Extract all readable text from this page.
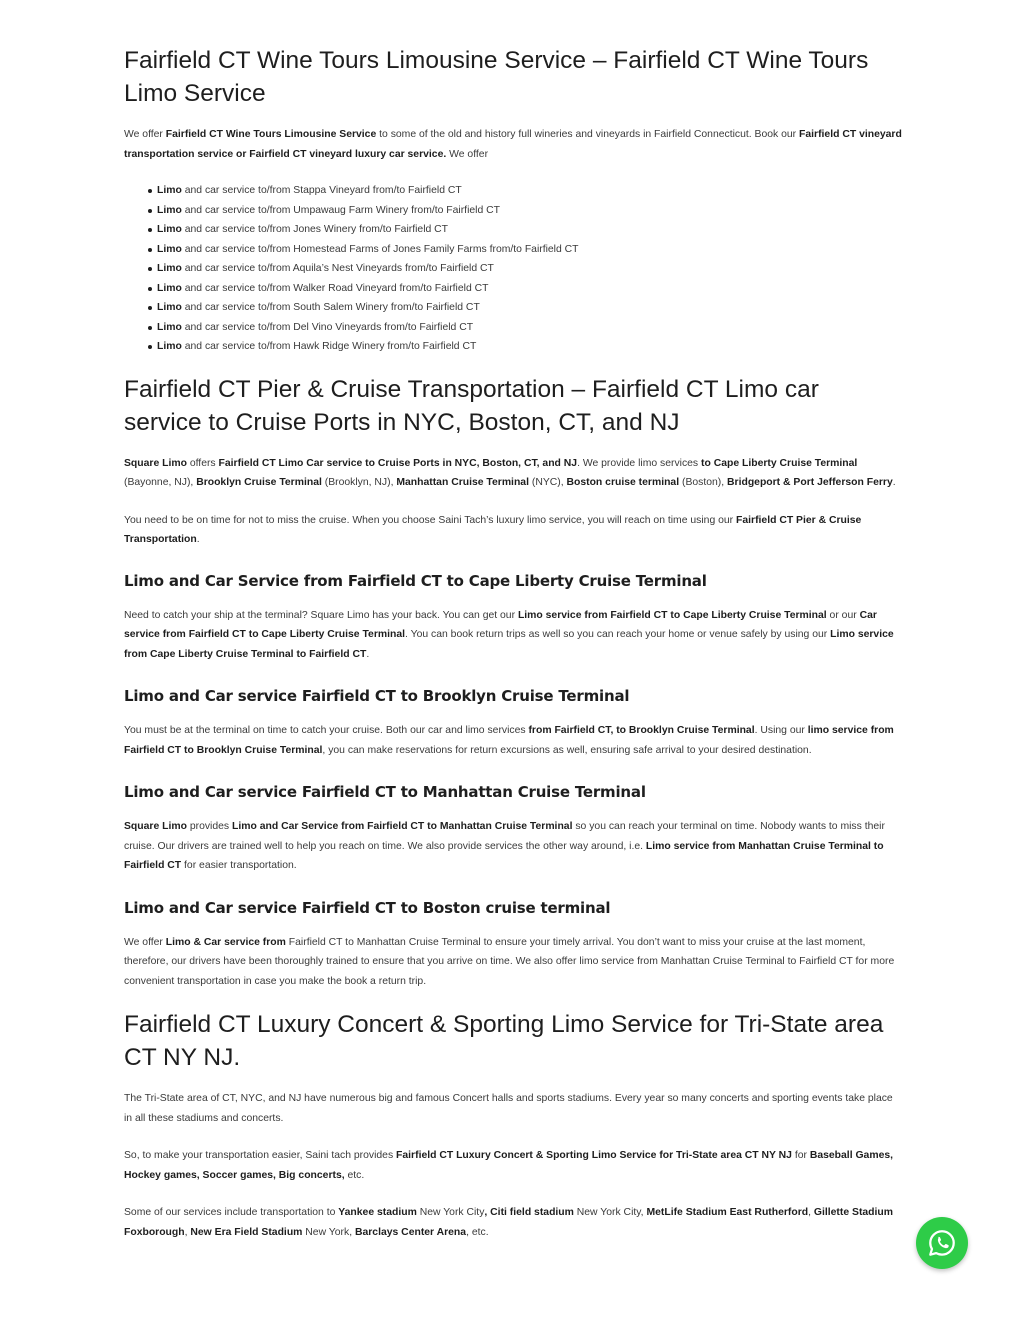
Fairfield CT Wine Tours Limousine Service – Fairfield CT Wine Tours Limo Service

We offer Fairfield CT Wine Tours Limousine Service to some of the old and history full wineries and vineyards in Fairfield Connecticut. Book our Fairfield CT vineyard transportation service or Fairfield CT vineyard luxury car service. We offer

Limo and car service to/from Stappa Vineyard from/to Fairfield CT
Limo and car service to/from Umpawaug Farm Winery from/to Fairfield CT
Limo and car service to/from Jones Winery from/to Fairfield CT
Limo and car service to/from Homestead Farms of Jones Family Farms from/to Fairfield CT
Limo and car service to/from Aquila’s Nest Vineyards from/to Fairfield CT
Limo and car service to/from Walker Road Vineyard from/to Fairfield CT
Limo and car service to/from South Salem Winery from/to Fairfield CT
Limo and car service to/from Del Vino Vineyards from/to Fairfield CT
Limo and car service to/from Hawk Ridge Winery from/to Fairfield CT
Fairfield CT Pier & Cruise Transportation – Fairfield CT Limo car service to Cruise Ports in NYC, Boston, CT, and NJ

Square Limo offers Fairfield CT Limo Car service to Cruise Ports in NYC, Boston, CT, and NJ. We provide limo services to Cape Liberty Cruise Terminal (Bayonne, NJ), Brooklyn Cruise Terminal (Brooklyn, NJ), Manhattan Cruise Terminal (NYC), Boston cruise terminal (Boston), Bridgeport & Port Jefferson Ferry.

You need to be on time for not to miss the cruise. When you choose Saini Tach’s luxury limo service, you will reach on time using our Fairfield CT Pier & Cruise Transportation.

Limo and Car Service from Fairfield CT to Cape Liberty Cruise Terminal

Need to catch your ship at the terminal? Square Limo has your back. You can get our Limo service from Fairfield CT to Cape Liberty Cruise Terminal or our Car service from Fairfield CT to Cape Liberty Cruise Terminal. You can book return trips as well so you can reach your home or venue safely by using our Limo service from Cape Liberty Cruise Terminal to Fairfield CT.

Limo and Car service Fairfield CT to Brooklyn Cruise Terminal

You must be at the terminal on time to catch your cruise. Both our car and limo services from Fairfield CT, to Brooklyn Cruise Terminal. Using our limo service from Fairfield CT to Brooklyn Cruise Terminal, you can make reservations for return excursions as well, ensuring safe arrival to your desired destination.

Limo and Car service Fairfield CT to Manhattan Cruise Terminal

Square Limo provides Limo and Car Service from Fairfield CT to Manhattan Cruise Terminal so you can reach your terminal on time. Nobody wants to miss their cruise. Our drivers are trained well to help you reach on time. We also provide services the other way around, i.e. Limo service from Manhattan Cruise Terminal to Fairfield CT for easier transportation.

Limo and Car service Fairfield CT to Boston cruise terminal

We offer Limo & Car service from Fairfield CT to Manhattan Cruise Terminal to ensure your timely arrival. You don’t want to miss your cruise at the last moment, therefore, our drivers have been thoroughly trained to ensure that you arrive on time. We also offer limo service from Manhattan Cruise Terminal to Fairfield CT for more convenient transportation in case you make the book a return trip.

Fairfield CT Luxury Concert & Sporting Limo Service for Tri-State area CT NY NJ.

The Tri-State area of CT, NYC, and NJ have numerous big and famous Concert halls and sports stadiums. Every year so many concerts and sporting events take place in all these stadiums and concerts.

So, to make your transportation easier, Saini tach provides Fairfield CT Luxury Concert & Sporting Limo Service for Tri-State area CT NY NJ for Baseball Games, Hockey games, Soccer games, Big concerts, etc.

Some of our services include transportation to Yankee stadium New York City, Citi field stadium New York City, MetLife Stadium East Rutherford, Gillette Stadium Foxborough, New Era Field Stadium New York, Barclays Center Arena, etc.
